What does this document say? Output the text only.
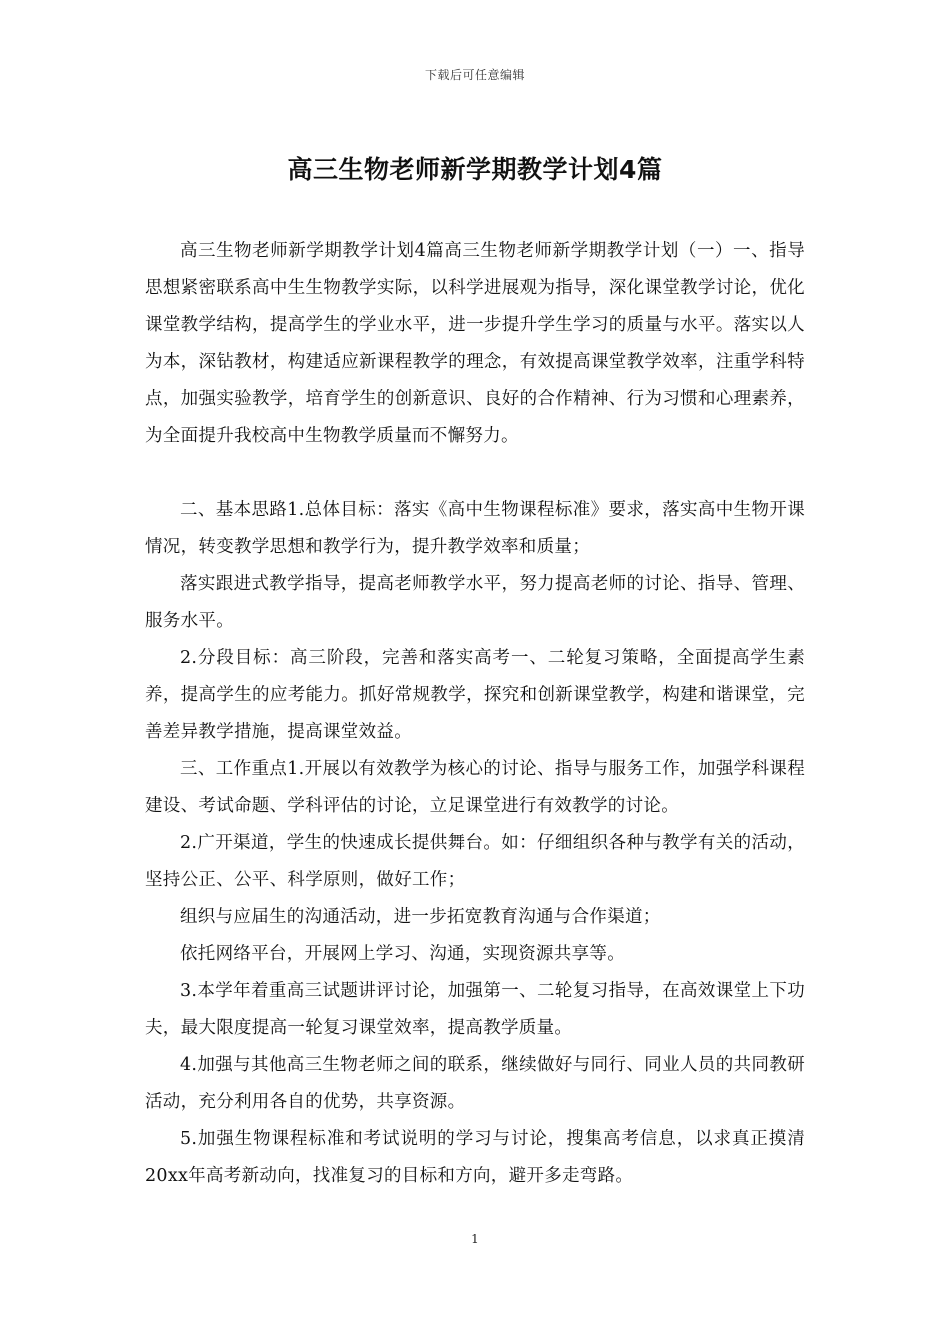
下载后可任意编辑
高三生物老师新学期教学计划4篇

高三生物老师新学期教学计划4篇高三生物老师新学期教学计划（一）一、指导思想紧密联系高中生生物教学实际，以科学进展观为指导，深化课堂教学讨论，优化课堂教学结构，提高学生的学业水平，进一步提升学生学习的质量与水平。落实以人为本，深钻教材，构建适应新课程教学的理念，有效提高课堂教学效率，注重学科特点，加强实验教学，培育学生的创新意识、良好的合作精神、行为习惯和心理素养，为全面提升我校高中生物教学质量而不懈努力。

二、基本思路1.总体目标：落实《高中生物课程标准》要求，落实高中生物开课情况，转变教学思想和教学行为，提升教学效率和质量；

落实跟进式教学指导，提高老师教学水平，努力提高老师的讨论、指导、管理、服务水平。

2.分段目标：高三阶段，完善和落实高考一、二轮复习策略，全面提高学生素养，提高学生的应考能力。抓好常规教学，探究和创新课堂教学，构建和谐课堂，完善差异教学措施，提高课堂效益。

三、工作重点1.开展以有效教学为核心的讨论、指导与服务工作，加强学科课程建设、考试命题、学科评估的讨论，立足课堂进行有效教学的讨论。

2.广开渠道，学生的快速成长提供舞台。如：仔细组织各种与教学有关的活动，坚持公正、公平、科学原则，做好工作；

组织与应届生的沟通活动，进一步拓宽教育沟通与合作渠道；

依托网络平台，开展网上学习、沟通，实现资源共享等。

3.本学年着重高三试题讲评讨论，加强第一、二轮复习指导，在高效课堂上下功夫，最大限度提高一轮复习课堂效率，提高教学质量。

4.加强与其他高三生物老师之间的联系，继续做好与同行、同业人员的共同教研活动，充分利用各自的优势，共享资源。

5.加强生物课程标准和考试说明的学习与讨论，搜集高考信息，以求真正摸清20xx年高考新动向，找准复习的目标和方向，避开多走弯路。

1
